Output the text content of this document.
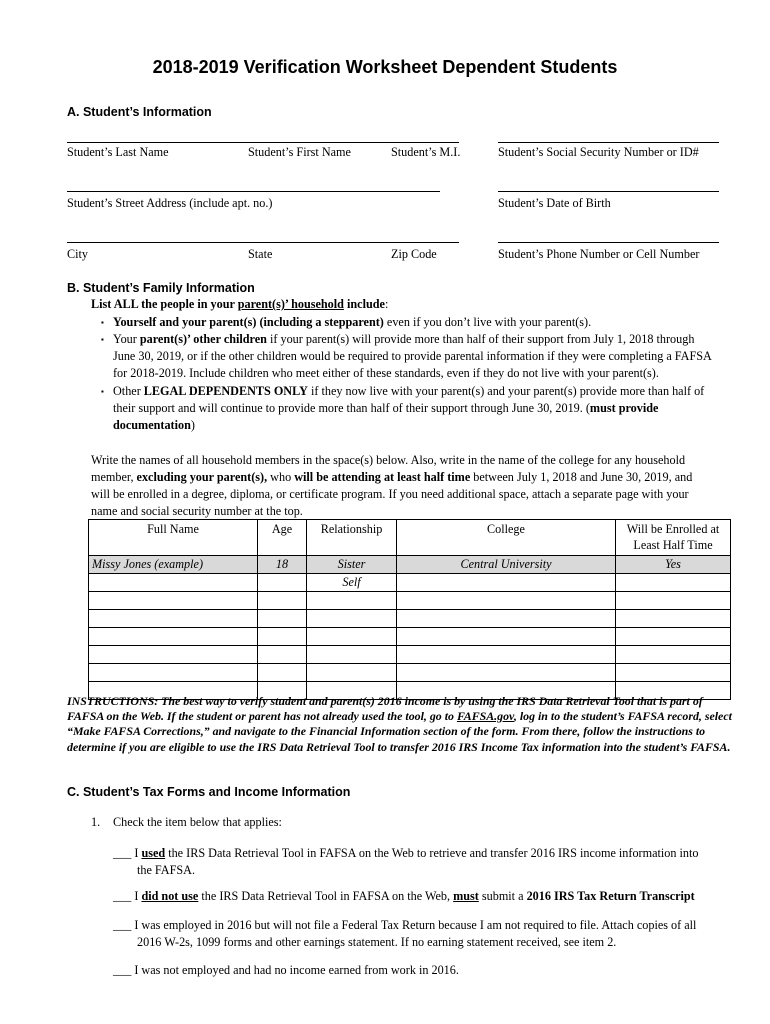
2018-2019 Verification Worksheet Dependent Students
A. Student’s Information
Student’s Last Name	Student’s First Name	Student’s M.I.	Student’s Social Security Number or ID#
Student’s Street Address (include apt. no.)	Student’s Date of Birth
City	State	Zip Code	Student’s Phone Number or Cell Number
B. Student’s Family Information
List ALL the people in your parent(s)’ household include:
▪ Yourself and your parent(s) (including a stepparent) even if you don’t live with your parent(s).
▪ Your parent(s)’ other children if your parent(s) will provide more than half of their support from July 1, 2018 through
June 30, 2019, or if the other children would be required to provide parental information if they were completing a FAFSA
for 2018-2019. Include children who meet either of these standards, even if they do not live with your parent(s).
▪ Other LEGAL DEPENDENTS ONLY if they now live with your parent(s) and your parent(s) provide more than half of
their support and will continue to provide more than half of their support through June 30, 2019. (must provide
documentation)
Write the names of all household members in the space(s) below. Also, write in the name of the college for any household
member, excluding your parent(s), who will be attending at least half time between July 1, 2018 and June 30, 2019, and
will be enrolled in a degree, diploma, or certificate program. If you need additional space, attach a separate page with your
name and social security number at the top.
Full Name	Age	Relationship	College	Will be Enrolled at
Least Half Time

Missy Jones (example)	18	Sister	Central University	Yes
		Self		

INSTRUCTIONS: The best way to verify student and parent(s) 2016 income is by using the IRS Data Retrieval Tool that is part of FAFSA on the Web. If the student or parent has not already used the tool, go to FAFSA.gov, log in to the student’s FAFSA record, select “Make FAFSA Corrections,” and navigate to the Financial Information section of the form. From there, follow the instructions to determine if you are eligible to use the IRS Data Retrieval Tool to transfer 2016 IRS Income Tax information into the student’s FAFSA.
C. Student’s Tax Forms and Income Information
1. Check the item below that applies:
___ I used the IRS Data Retrieval Tool in FAFSA on the Web to retrieve and transfer 2016 IRS income information into
the FAFSA.
___ I did not use the IRS Data Retrieval Tool in FAFSA on the Web, must submit a 2016 IRS Tax Return Transcript
___ I was employed in 2016 but will not file a Federal Tax Return because I am not required to file. Attach copies of all
2016 W-2s, 1099 forms and other earnings statement. If no earning statement received, see item 2.
___ I was not employed and had no income earned from work in 2016.
